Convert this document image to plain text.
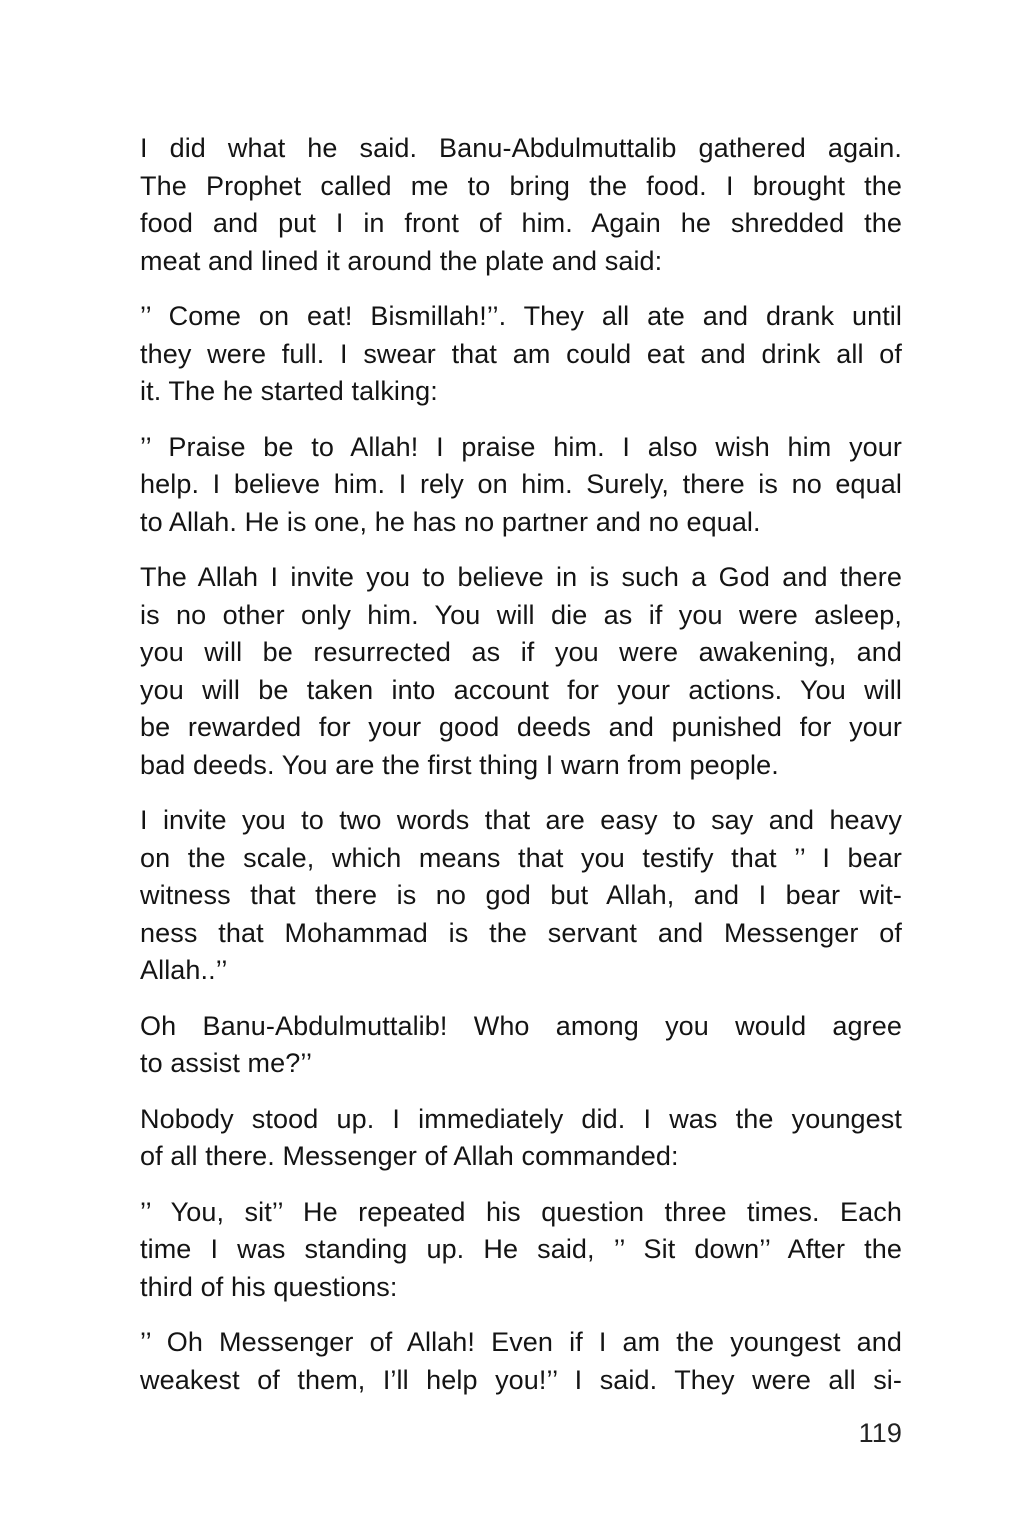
I did what he said. Banu-Abdulmuttalib gathered again.
The Prophet called me to bring the food. I brought the
food and put I in front of him. Again he shredded the
meat and lined it around the plate and said:
’’ Come on eat! Bismillah!’’. They all ate and drank until
they were full. I swear that am could eat and drink all of
it. The he started talking:
’’ Praise be to Allah! I praise him. I also wish him your
help. I believe him. I rely on him. Surely, there is no equal
to Allah. He is one, he has no partner and no equal.
The Allah I invite you to believe in is such a God and there
is no other only him. You will die as if you were asleep,
you will be resurrected as if you were awakening, and
you will be taken into account for your actions. You will
be rewarded for your good deeds and punished for your
bad deeds. You are the first thing I warn from people.
I invite you to two words that are easy to say and heavy
on the scale, which means that you testify that ’’ I bear
witness that there is no god but Allah, and I bear wit-
ness that Mohammad is the servant and Messenger of
Allah..’’
Oh Banu-Abdulmuttalib! Who among you would agree
to assist me?’’
Nobody stood up. I immediately did. I was the youngest
of all there. Messenger of Allah commanded:
’’ You, sit’’ He repeated his question three times. Each
time I was standing up. He said, ’’ Sit down’’ After the
third of his questions:
’’ Oh Messenger of Allah! Even if I am the youngest and
weakest of them, I’ll help you!’’ I said. They were all si-
119
